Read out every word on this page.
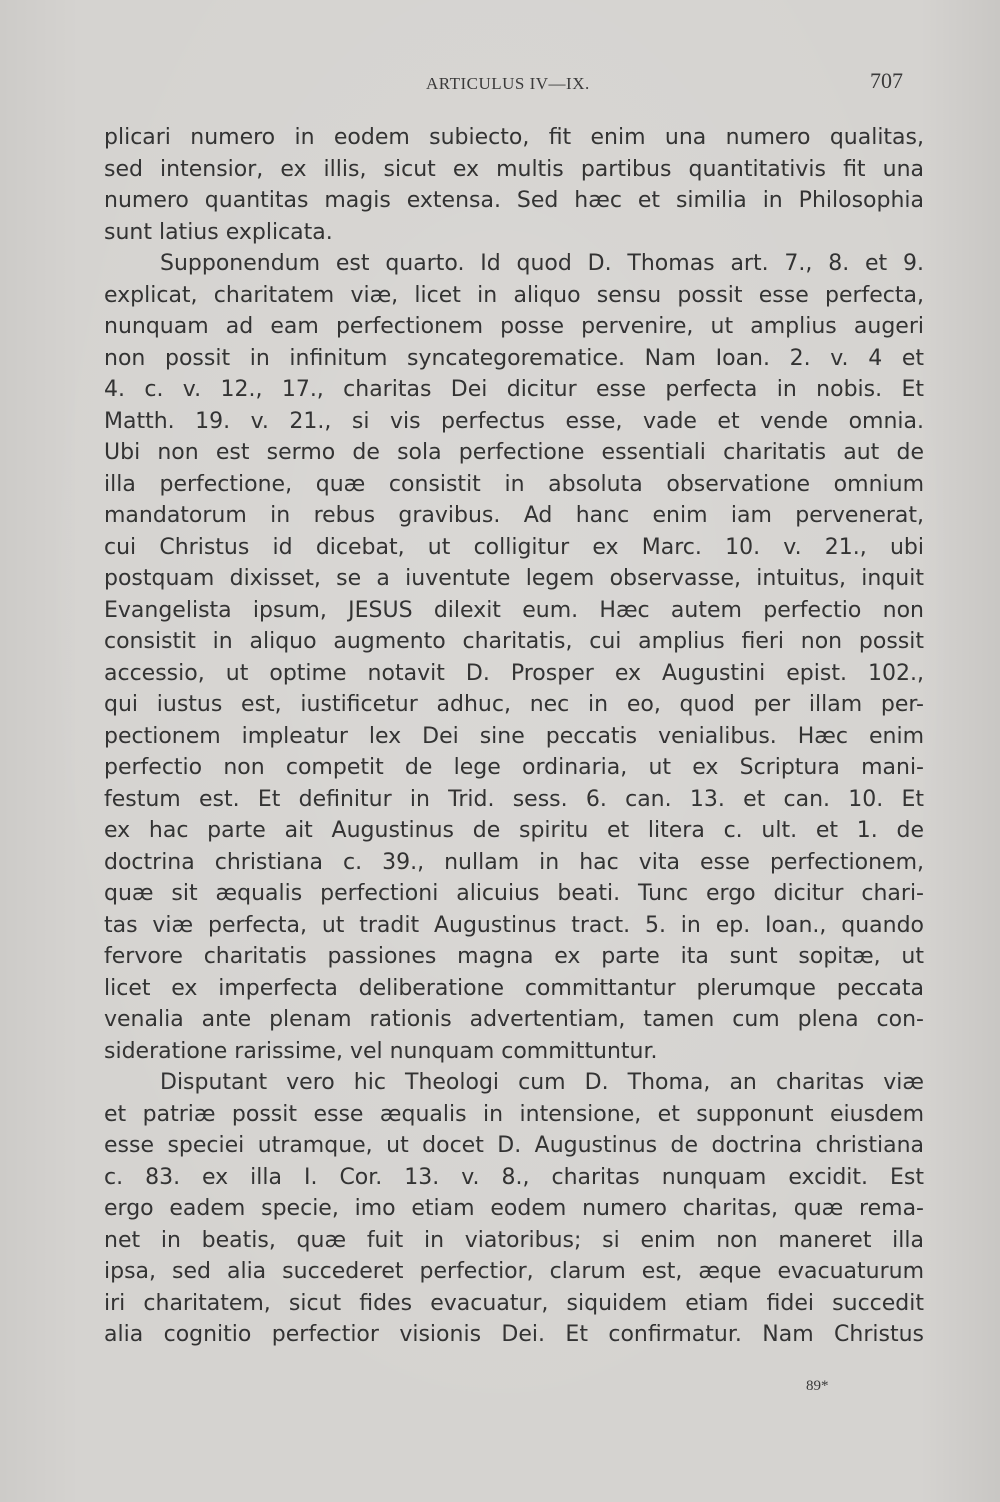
ARTICULUS IV—IX.	707
plicari numero in eodem subiecto, fit enim una numero qualitas,
sed intensior, ex illis, sicut ex multis partibus quantitativis fit una
numero quantitas magis extensa. Sed hæc et similia in Philosophia
sunt latius explicata.
Supponendum est quarto. Id quod D. Thomas art. 7., 8. et 9.
explicat, charitatem viæ, licet in aliquo sensu possit esse perfecta,
nunquam ad eam perfectionem posse pervenire, ut amplius augeri
non possit in infinitum syncategorematice. Nam Ioan. 2. v. 4 et
4. c. v. 12., 17., charitas Dei dicitur esse perfecta in nobis. Et
Matth. 19. v. 21., si vis perfectus esse, vade et vende omnia.
Ubi non est sermo de sola perfectione essentiali charitatis aut de
illa perfectione, quæ consistit in absoluta observatione omnium
mandatorum in rebus gravibus. Ad hanc enim iam pervenerat,
cui Christus id dicebat, ut colligitur ex Marc. 10. v. 21., ubi
postquam dixisset, se a iuventute legem observasse, intuitus, inquit
Evangelista ipsum, JESUS dilexit eum. Hæc autem perfectio non
consistit in aliquo augmento charitatis, cui amplius fieri non possit
accessio, ut optime notavit D. Prosper ex Augustini epist. 102.,
qui iustus est, iustificetur adhuc, nec in eo, quod per illam per-
pectionem impleatur lex Dei sine peccatis venialibus. Hæc enim
perfectio non competit de lege ordinaria, ut ex Scriptura mani-
festum est. Et definitur in Trid. sess. 6. can. 13. et can. 10. Et
ex hac parte ait Augustinus de spiritu et litera c. ult. et 1. de
doctrina christiana c. 39., nullam in hac vita esse perfectionem,
quæ sit æqualis perfectioni alicuius beati. Tunc ergo dicitur chari-
tas viæ perfecta, ut tradit Augustinus tract. 5. in ep. Ioan., quando
fervore charitatis passiones magna ex parte ita sunt sopitæ, ut
licet ex imperfecta deliberatione committantur plerumque peccata
venalia ante plenam rationis advertentiam, tamen cum plena con-
sideratione rarissime, vel nunquam committuntur.
Disputant vero hic Theologi cum D. Thoma, an charitas viæ
et patriæ possit esse æqualis in intensione, et supponunt eiusdem
esse speciei utramque, ut docet D. Augustinus de doctrina christiana
c. 83. ex illa I. Cor. 13. v. 8., charitas nunquam excidit. Est
ergo eadem specie, imo etiam eodem numero charitas, quæ rema-
net in beatis, quæ fuit in viatoribus; si enim non maneret illa
ipsa, sed alia succederet perfectior, clarum est, æque evacuaturum
iri charitatem, sicut fides evacuatur, siquidem etiam fidei succedit
alia cognitio perfectior visionis Dei. Et confirmatur. Nam Christus
89*
